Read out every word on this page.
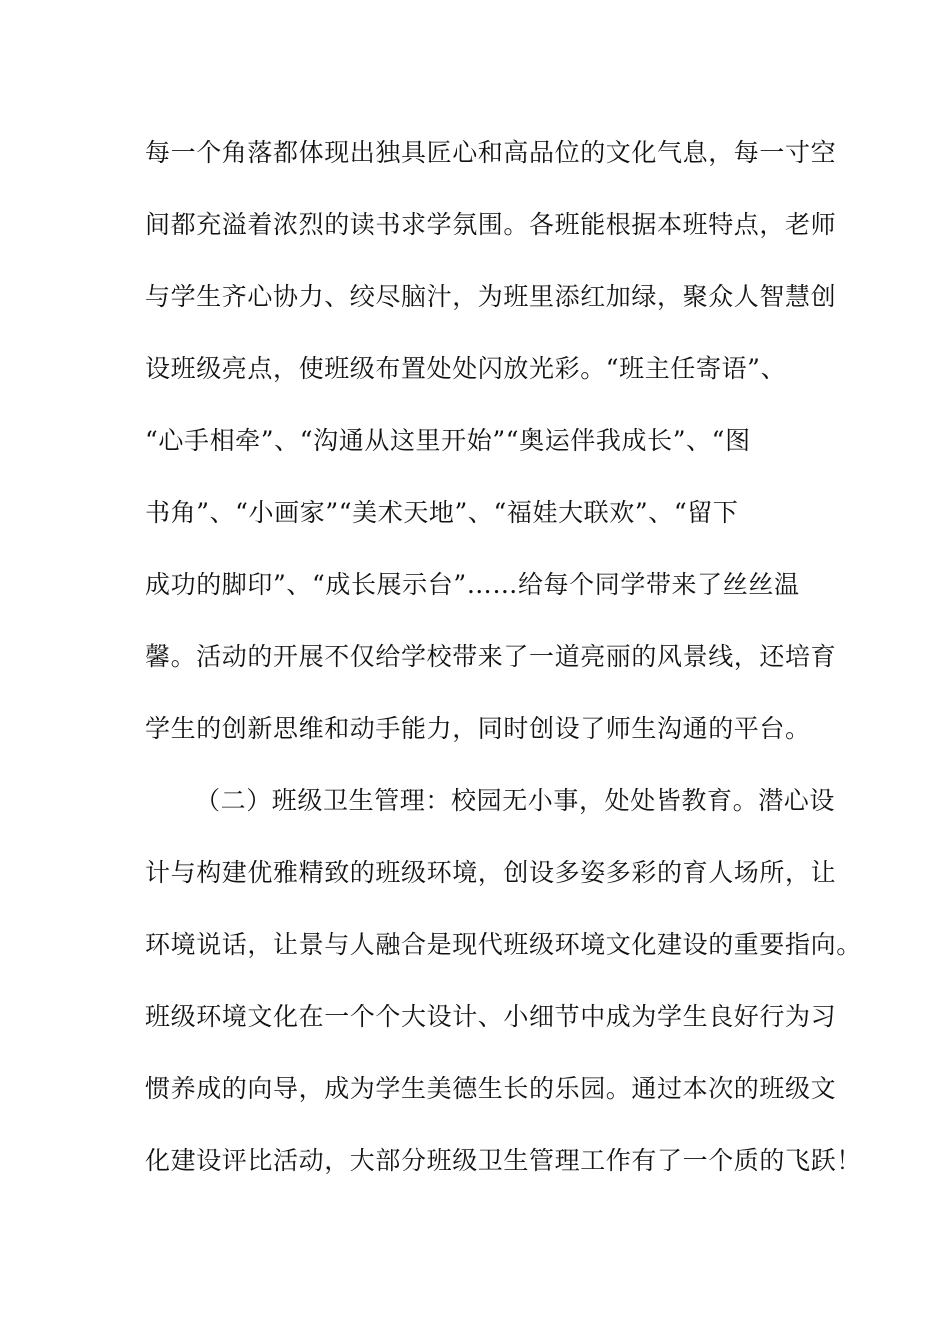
每一个角落都体现出独具匠心和高品位的文化气息，每一寸空
间都充溢着浓烈的读书求学氛围。各班能根据本班特点，老师
与学生齐心协力、绞尽脑汁，为班里添红加绿，聚众人智慧创
设班级亮点，使班级布置处处闪放光彩。“班主任寄语”、
“心手相牵”、“沟通从这里开始”“奥运伴我成长”、“图
书角”、“小画家”“美术天地”、“福娃大联欢”、“留下
成功的脚印”、“成长展示台”……给每个同学带来了丝丝温
馨。活动的开展不仅给学校带来了一道亮丽的风景线，还培育
学生的创新思维和动手能力，同时创设了师生沟通的平台。
（二）班级卫生管理：校园无小事，处处皆教育。潜心设
计与构建优雅精致的班级环境，创设多姿多彩的育人场所，让
环境说话，让景与人融合是现代班级环境文化建设的重要指向。
班级环境文化在一个个大设计、小细节中成为学生良好行为习
惯养成的向导，成为学生美德生长的乐园。通过本次的班级文
化建设评比活动，大部分班级卫生管理工作有了一个质的飞跃！
